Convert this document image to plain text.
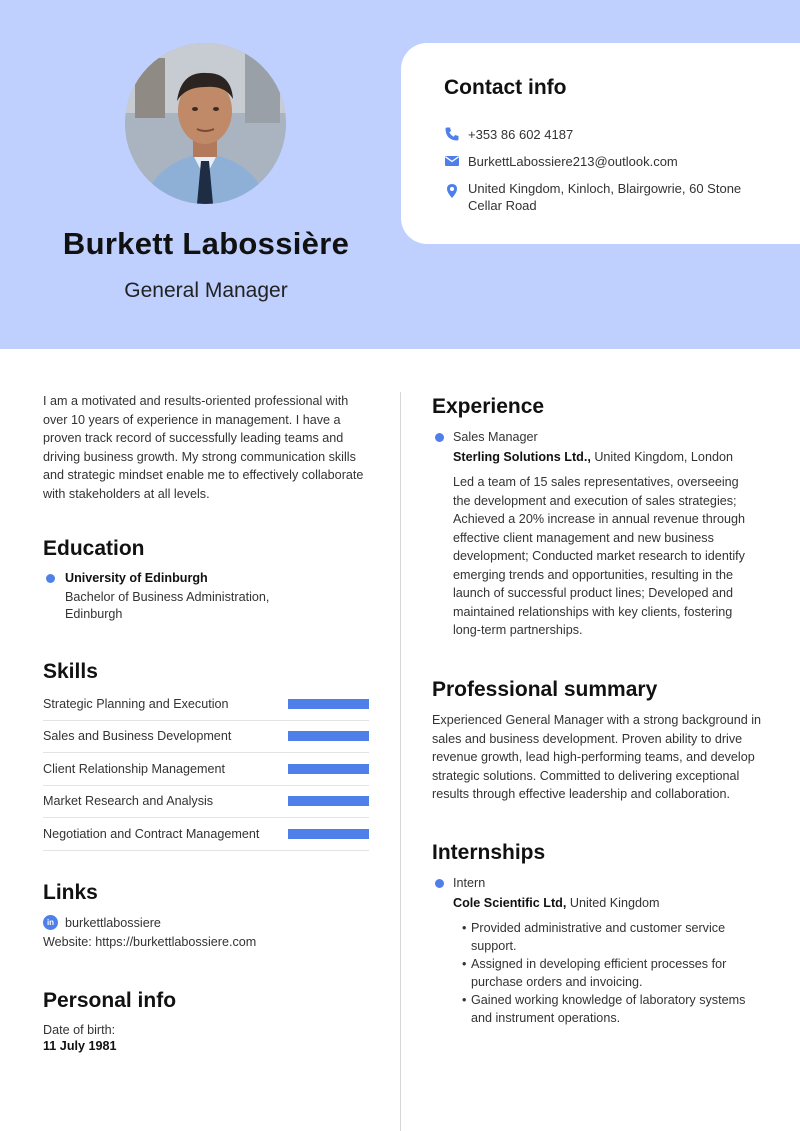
Burkett Labossière
General Manager
Contact info
+353 86 602 4187
BurkettLabossiere213@outlook.com
United Kingdom, Kinloch, Blairgowrie, 60 Stone Cellar Road

I am a motivated and results-oriented professional with over 10 years of experience in management. I have a proven track record of successfully leading teams and driving business growth. My strong communication skills and strategic mindset enable me to effectively collaborate with stakeholders at all levels.

Education
University of Edinburgh
Bachelor of Business Administration, Edinburgh
Skills
Strategic Planning and Execution
Sales and Business Development
Client Relationship Management
Market Research and Analysis
Negotiation and Contract Management
Links
in burkettlabossiere
Website: https://burkettlabossiere.com
Personal info
Date of birth:
11 July 1981
Experience
Sales Manager
Sterling Solutions Ltd., United Kingdom, London

Led a team of 15 sales representatives, overseeing the development and execution of sales strategies; Achieved a 20% increase in annual revenue through effective client management and new business development; Conducted market research to identify emerging trends and opportunities, resulting in the launch of successful product lines; Developed and maintained relationships with key clients, fostering long-term partnerships.

Professional summary

Experienced General Manager with a strong background in sales and business development. Proven ability to drive revenue growth, lead high-performing teams, and develop strategic solutions. Committed to delivering exceptional results through effective leadership and collaboration.

Internships
Intern
Cole Scientific Ltd, United Kingdom
• Provided administrative and customer service support.
• Assigned in developing efficient processes for purchase orders and invoicing.
• Gained working knowledge of laboratory systems and instrument operations.
